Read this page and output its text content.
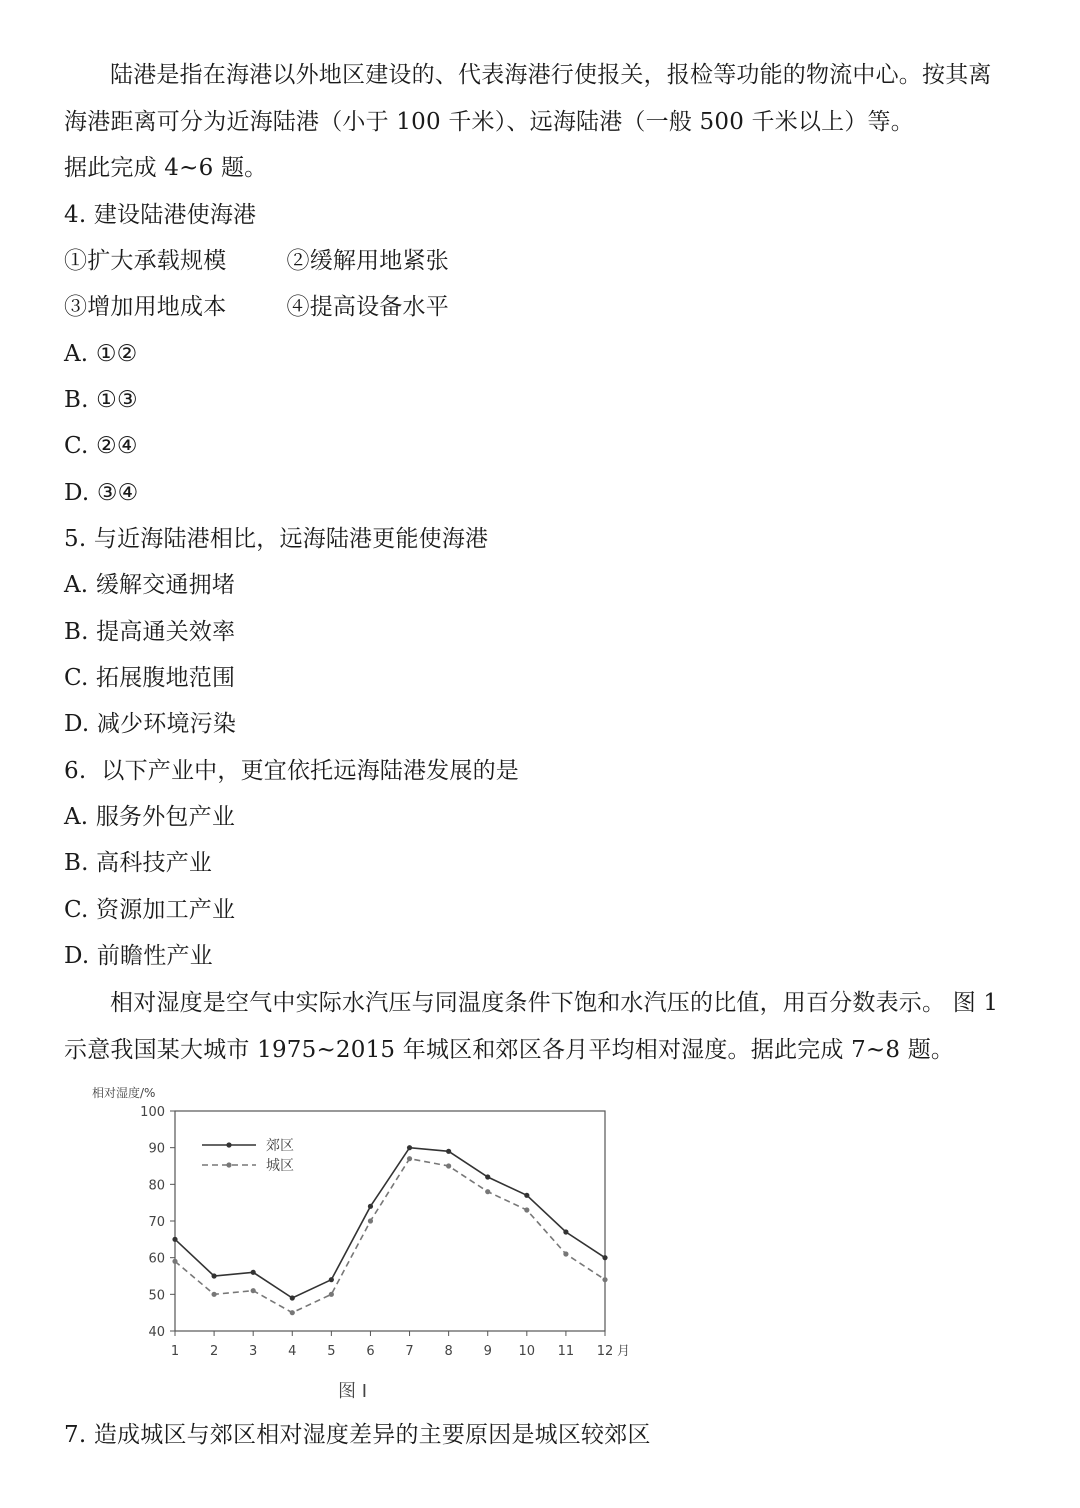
陆港是指在海港以外地区建设的、代表海港行使报关，报检等功能的物流中心。按其离
海港距离可分为近海陆港（小于 100 千米）、远海陆港（一般 500 千米以上）等。
据此完成 4~6 题。
4. 建设陆港使海港
①扩大承载规模        ②缓解用地紧张
③增加用地成本        ④提高设备水平
A. ①②
B. ①③
C. ②④
D. ③④
5. 与近海陆港相比，远海陆港更能使海港
A. 缓解交通拥堵
B. 提高通关效率
C. 拓展腹地范围
D. 减少环境污染
6.  以下产业中，更宜依托远海陆港发展的是
A. 服务外包产业
B. 高科技产业
C. 资源加工产业
D. 前瞻性产业
相对湿度是空气中实际水汽压与同温度条件下饱和水汽压的比值，用百分数表示。 图 1
示意我国某大城市 1975~2015 年城区和郊区各月平均相对湿度。据此完成 7~8 题。
相对湿度/%
40
50
60
70
80
90
100
1 2 3 4 5 6 7 8 9 10 11 12 月
郊区
城区
图 I
7. 造成城区与郊区相对湿度差异的主要原因是城区较郊区
